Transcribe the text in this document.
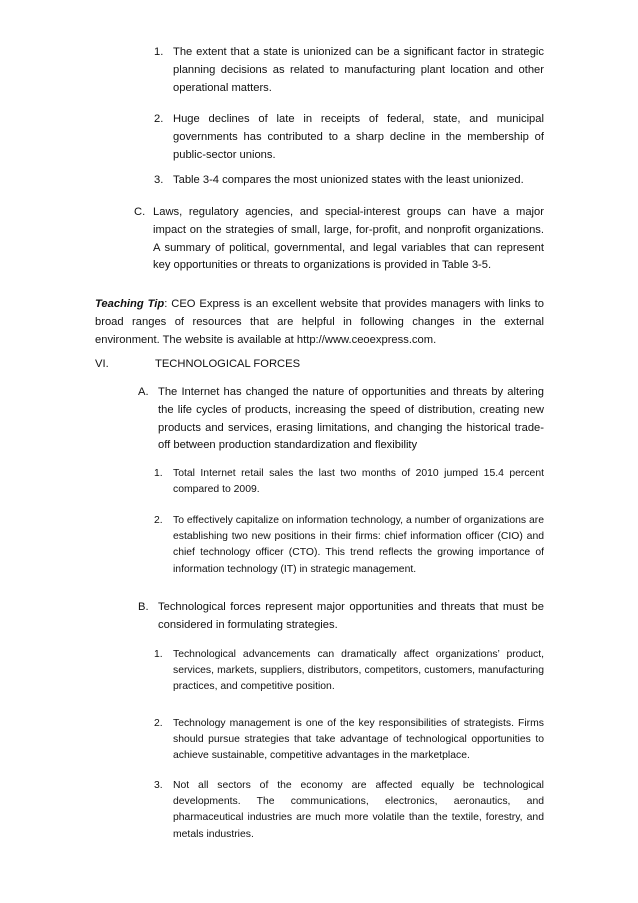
1. The extent that a state is unionized can be a significant factor in strategic planning decisions as related to manufacturing plant location and other operational matters.
2. Huge declines of late in receipts of federal, state, and municipal governments has contributed to a sharp decline in the membership of public-sector unions.
3. Table 3-4 compares the most unionized states with the least unionized.
C. Laws, regulatory agencies, and special-interest groups can have a major impact on the strategies of small, large, for-profit, and nonprofit organizations. A summary of political, governmental, and legal variables that can represent key opportunities or threats to organizations is provided in Table 3-5.
Teaching Tip: CEO Express is an excellent website that provides managers with links to broad ranges of resources that are helpful in following changes in the external environment. The website is available at http://www.ceoexpress.com.
VI.	TECHNOLOGICAL FORCES
A. The Internet has changed the nature of opportunities and threats by altering the life cycles of products, increasing the speed of distribution, creating new products and services, erasing limitations, and changing the historical trade-off between production standardization and flexibility
1. Total Internet retail sales the last two months of 2010 jumped 15.4 percent compared to 2009.
2. To effectively capitalize on information technology, a number of organizations are establishing two new positions in their firms: chief information officer (CIO) and chief technology officer (CTO). This trend reflects the growing importance of information technology (IT) in strategic management.
B. Technological forces represent major opportunities and threats that must be considered in formulating strategies.
1. Technological advancements can dramatically affect organizations’ product, services, markets, suppliers, distributors, competitors, customers, manufacturing practices, and competitive position.
2. Technology management is one of the key responsibilities of strategists. Firms should pursue strategies that take advantage of technological opportunities to achieve sustainable, competitive advantages in the marketplace.
3. Not all sectors of the economy are affected equally be technological developments. The communications, electronics, aeronautics, and pharmaceutical industries are much more volatile than the textile, forestry, and metals industries.
